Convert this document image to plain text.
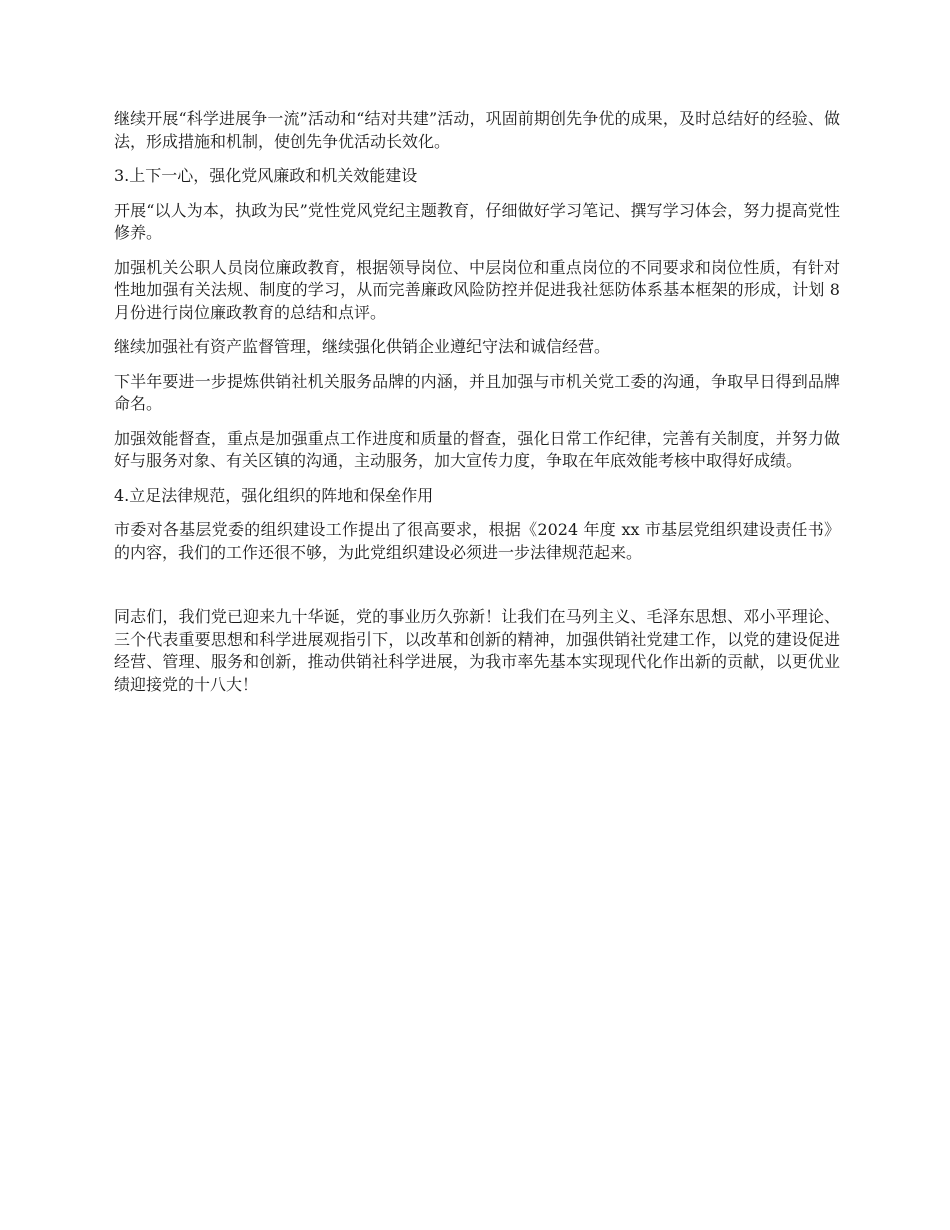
继续开展“科学进展争一流”活动和“结对共建”活动，巩固前期创先争优的成果，及时总结好的经验、做法，形成措施和机制，使创先争优活动长效化。

3.上下一心，强化党风廉政和机关效能建设

开展“以人为本，执政为民”党性党风党纪主题教育，仔细做好学习笔记、撰写学习体会，努力提高党性修养。

加强机关公职人员岗位廉政教育，根据领导岗位、中层岗位和重点岗位的不同要求和岗位性质，有针对性地加强有关法规、制度的学习，从而完善廉政风险防控并促进我社惩防体系基本框架的形成，计划 8 月份进行岗位廉政教育的总结和点评。

继续加强社有资产监督管理，继续强化供销企业遵纪守法和诚信经营。

下半年要进一步提炼供销社机关服务品牌的内涵，并且加强与市机关党工委的沟通，争取早日得到品牌命名。

加强效能督查，重点是加强重点工作进度和质量的督查，强化日常工作纪律，完善有关制度，并努力做好与服务对象、有关区镇的沟通，主动服务，加大宣传力度，争取在年底效能考核中取得好成绩。

4.立足法律规范，强化组织的阵地和保垒作用

市委对各基层党委的组织建设工作提出了很高要求，根据《2024 年度 xx 市基层党组织建设责任书》的内容，我们的工作还很不够，为此党组织建设必须进一步法律规范起来。

同志们，我们党已迎来九十华诞，党的事业历久弥新！让我们在马列主义、毛泽东思想、邓小平理论、三个代表重要思想和科学进展观指引下，以改革和创新的精神，加强供销社党建工作，以党的建设促进经营、管理、服务和创新，推动供销社科学进展，为我市率先基本实现现代化作出新的贡献，以更优业绩迎接党的十八大！
